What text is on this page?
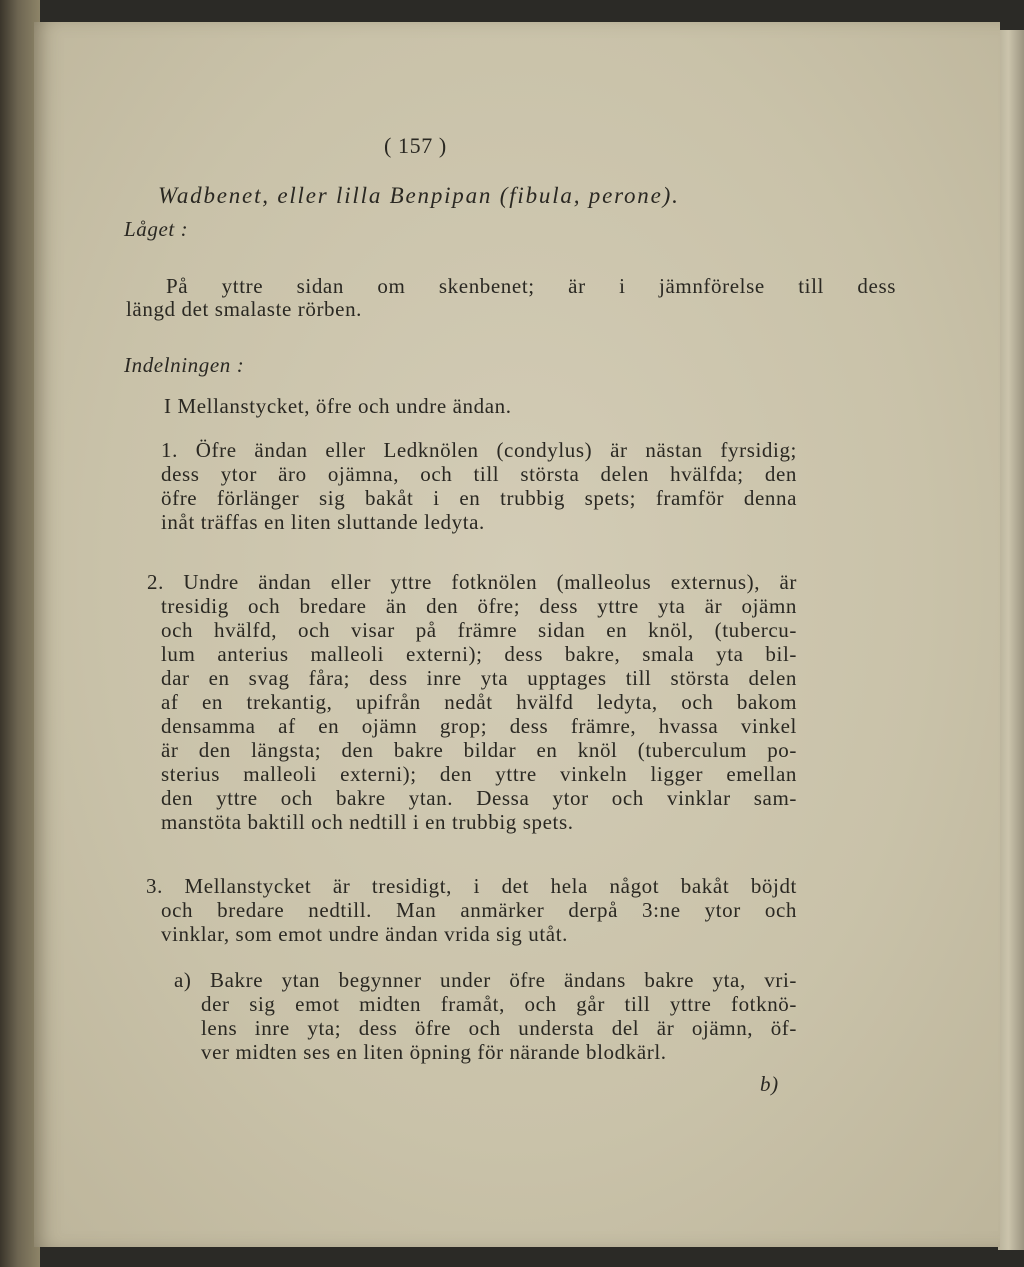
( 157 )
Wadbenet, eller lilla Benpipan (fibula, perone).
Låget :
På yttre sidan om skenbenet; är i jämnförelse till dess
längd det smalaste rörben.
Indelningen :
I Mellanstycket, öfre och undre ändan.
1. Öfre ändan eller Ledknölen (condylus) är nästan fyrsidig;
dess ytor äro ojämna, och till största delen hvälfda; den
öfre förlänger sig bakåt i en trubbig spets; framför denna
inåt träffas en liten sluttande ledyta.
2. Undre ändan eller yttre fotknölen (malleolus externus), är
tresidig och bredare än den öfre; dess yttre yta är ojämn
och hvälfd, och visar på främre sidan en knöl, (tubercu-
lum anterius malleoli externi); dess bakre, smala yta bil-
dar en svag fåra; dess inre yta upptages till största delen
af en trekantig, upifrån nedåt hvälfd ledyta, och bakom
densamma af en ojämn grop; dess främre, hvassa vinkel
är den längsta; den bakre bildar en knöl (tuberculum po-
sterius malleoli externi); den yttre vinkeln ligger emellan
den yttre och bakre ytan. Dessa ytor och vinklar sam-
manstöta baktill och nedtill i en trubbig spets.
3. Mellanstycket är tresidigt, i det hela något bakåt böjdt
och bredare nedtill. Man anmärker derpå 3:ne ytor och
vinklar, som emot undre ändan vrida sig utåt.
a) Bakre ytan begynner under öfre ändans bakre yta, vri-
der sig emot midten framåt, och går till yttre fotknö-
lens inre yta; dess öfre och understa del är ojämn, öf-
ver midten ses en liten öpning för närande blodkärl.
b)
